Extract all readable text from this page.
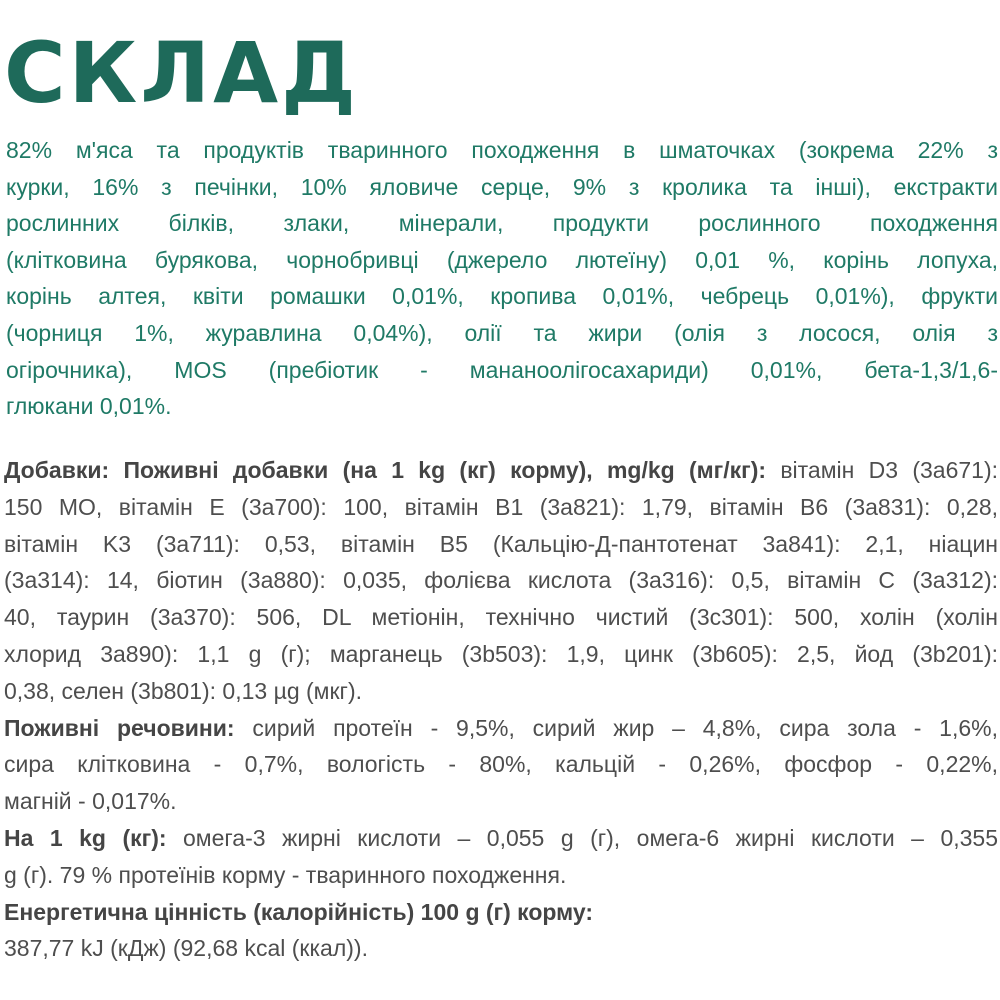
СКЛАД
82% м'яса та продуктів тваринного походження в шматочках (зокрема 22% з
курки, 16% з печінки, 10% яловиче серце, 9% з кролика та інші), екстракти
рослинних білків, злаки, мінерали, продукти рослинного походження
(клітковина бурякова, чорнобривці (джерело лютеїну) 0,01 %, корінь лопуха,
корінь алтея, квіти ромашки 0,01%, кропива 0,01%, чебрець 0,01%), фрукти
(чорниця 1%, журавлина 0,04%), олії та жири (олія з лосося, олія з
огірочника), MOS (пребіотик - мананоолігосахариди) 0,01%, бета-1,3/1,6-
глюкани 0,01%.
Добавки: Поживні добавки (на 1 kg (кг) корму), mg/kg (мг/кг): вітамін D3 (3а671):
150 МО, вітамін E (3а700): 100, вітамін B1 (3а821): 1,79, вітамін B6 (3а831): 0,28,
вітамін K3 (3а711): 0,53, вітамін B5 (Кальцію-Д-пантотенат 3а841): 2,1, ніацин
(3а314): 14, біотин (3а880): 0,035, фолієва кислота (3а316): 0,5, вітамін C (3а312):
40, таурин (3а370): 506, DL метіонін, технічно чистий (3c301): 500, холін (холін
хлорид 3а890): 1,1 g (г); марганець (3b503): 1,9, цинк (3b605): 2,5, йод (3b201):
0,38, селен (3b801): 0,13 µg (мкг).
Поживні речовини: сирий протеїн - 9,5%, сирий жир – 4,8%, сира зола - 1,6%,
сира клітковина - 0,7%, вологість - 80%, кальцій - 0,26%, фосфор - 0,22%,
магній - 0,017%.
На 1 kg (кг): омега-3 жирні кислоти – 0,055 g (г), омега-6 жирні кислоти – 0,355
g (г). 79 % протеїнів корму - тваринного походження.
Енергетична цінність (калорійність) 100 g (г) корму:
387,77 kJ (кДж) (92,68 kcal (ккал)).
